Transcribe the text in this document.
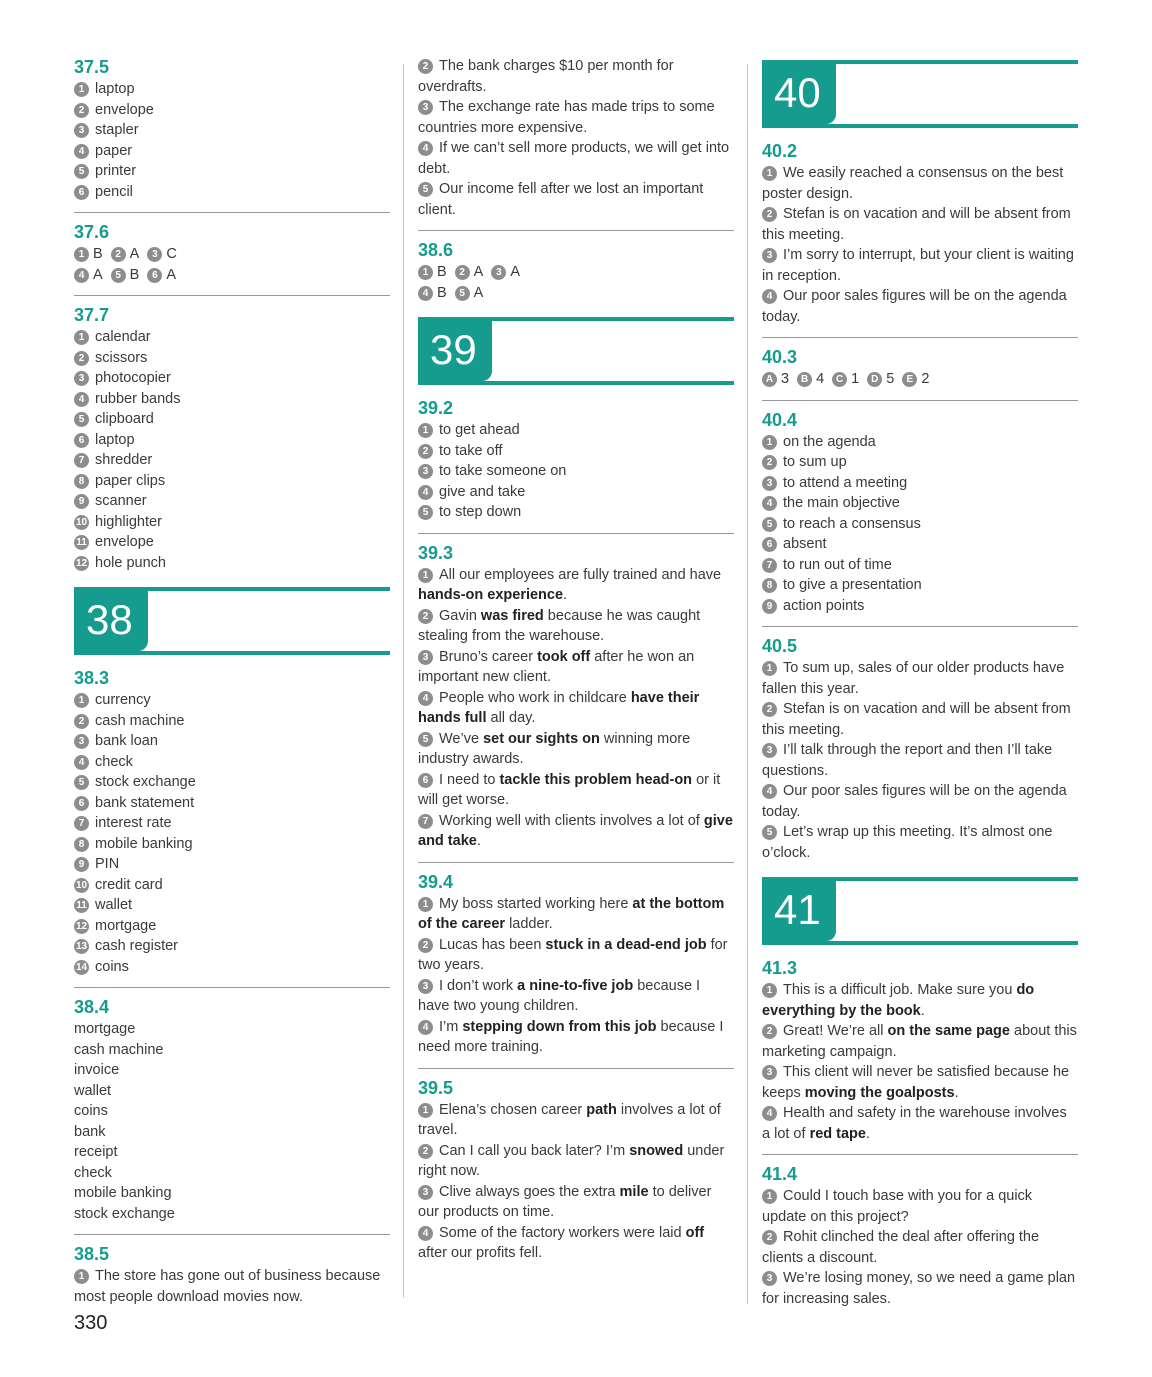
37.5
1 laptop
2 envelope
3 stapler
4 paper
5 printer
6 pencil
37.6
1 B 2 A 3 C
4 A 5 B 6 A
37.7
1 calendar
2 scissors
3 photocopier
4 rubber bands
5 clipboard
6 laptop
7 shredder
8 paper clips
9 scanner
10 highlighter
11 envelope
12 hole punch
38
38.3
1 currency
2 cash machine
3 bank loan
4 check
5 stock exchange
6 bank statement
7 interest rate
8 mobile banking
9 PIN
10 credit card
11 wallet
12 mortgage
13 cash register
14 coins
38.4
mortgage
cash machine
invoice
wallet
coins
bank
receipt
check
mobile banking
stock exchange
38.5
1 The store has gone out of business because most people download movies now.
2 The bank charges $10 per month for overdrafts.
3 The exchange rate has made trips to some countries more expensive.
4 If we can’t sell more products, we will get into debt.
5 Our income fell after we lost an important client.
38.6
1 B 2 A 3 A
4 B 5 A
39
39.2
1 to get ahead
2 to take off
3 to take someone on
4 give and take
5 to step down
39.3
1 All our employees are fully trained and have hands-on experience.
2 Gavin was fired because he was caught stealing from the warehouse.
3 Bruno’s career took off after he won an important new client.
4 People who work in childcare have their hands full all day.
5 We’ve set our sights on winning more industry awards.
6 I need to tackle this problem head-on or it will get worse.
7 Working well with clients involves a lot of give and take.
39.4
1 My boss started working here at the bottom of the career ladder.
2 Lucas has been stuck in a dead-end job for two years.
3 I don’t work a nine-to-five job because I have two young children.
4 I’m stepping down from this job because I need more training.
39.5
1 Elena’s chosen career path involves a lot of travel.
2 Can I call you back later? I’m snowed under right now.
3 Clive always goes the extra mile to deliver our products on time.
4 Some of the factory workers were laid off after our profits fell.
40
40.2
1 We easily reached a consensus on the best poster design.
2 Stefan is on vacation and will be absent from this meeting.
3 I’m sorry to interrupt, but your client is waiting in reception.
4 Our poor sales figures will be on the agenda today.
40.3
A 3 B 4 C 1 D 5 E 2
40.4
1 on the agenda
2 to sum up
3 to attend a meeting
4 the main objective
5 to reach a consensus
6 absent
7 to run out of time
8 to give a presentation
9 action points
40.5
1 To sum up, sales of our older products have fallen this year.
2 Stefan is on vacation and will be absent from this meeting.
3 I’ll talk through the report and then I’ll take questions.
4 Our poor sales figures will be on the agenda today.
5 Let’s wrap up this meeting. It’s almost one o’clock.
41
41.3
1 This is a difficult job. Make sure you do everything by the book.
2 Great! We’re all on the same page about this marketing campaign.
3 This client will never be satisfied because he keeps moving the goalposts.
4 Health and safety in the warehouse involves a lot of red tape.
41.4
1 Could I touch base with you for a quick update on this project?
2 Rohit clinched the deal after offering the clients a discount.
3 We’re losing money, so we need a game plan for increasing sales.
330
